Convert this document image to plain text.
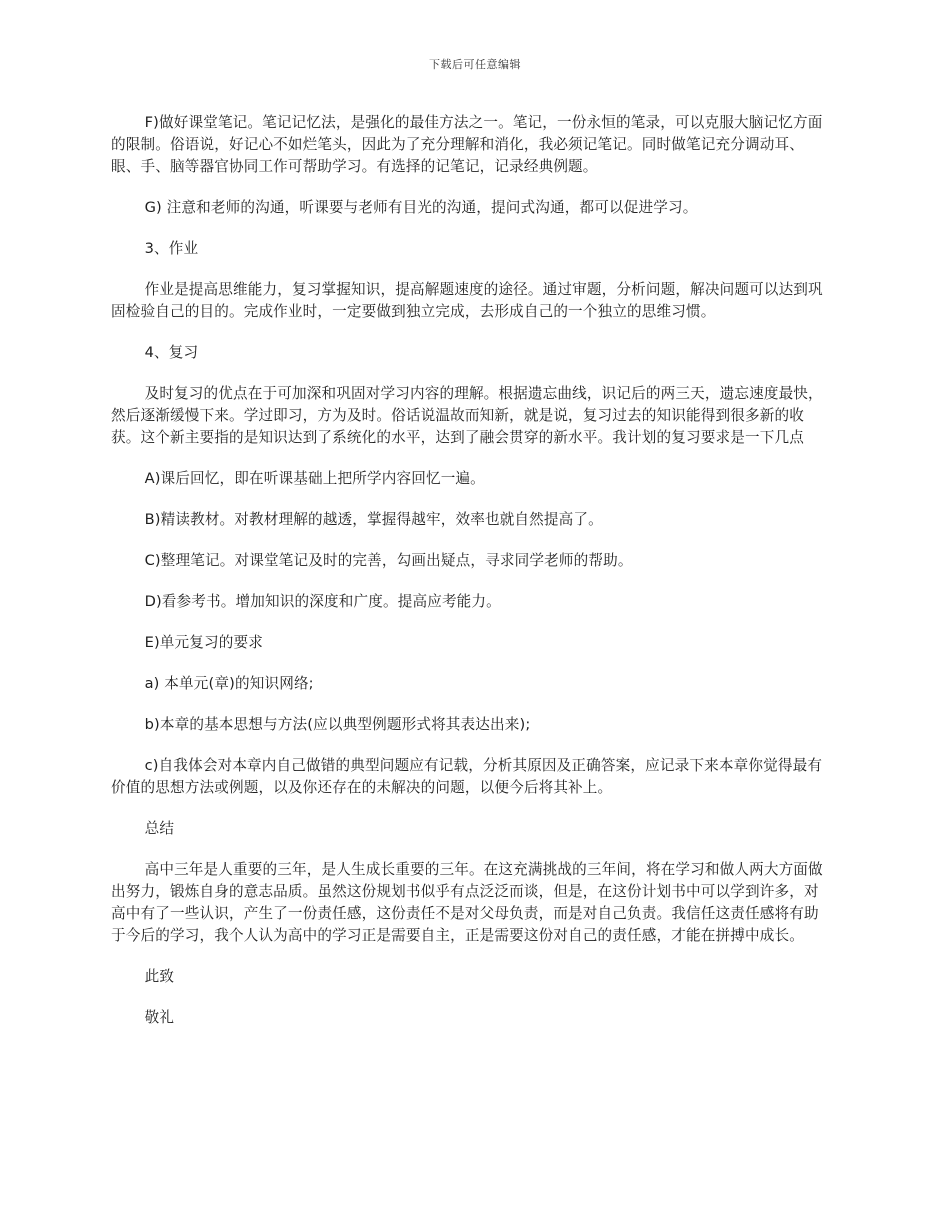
下载后可任意编辑

F)做好课堂笔记。笔记记忆法，是强化的最佳方法之一。笔记，一份永恒的笔录，可以克服大脑记忆方面的限制。俗语说，好记心不如烂笔头，因此为了充分理解和消化，我必须记笔记。同时做笔记充分调动耳、眼、手、脑等器官协同工作可帮助学习。有选择的记笔记，记录经典例题。

G) 注意和老师的沟通，听课要与老师有目光的沟通，提问式沟通，都可以促进学习。

3、作业

作业是提高思维能力，复习掌握知识，提高解题速度的途径。通过审题，分析问题，解决问题可以达到巩固检验自己的目的。完成作业时，一定要做到独立完成，去形成自己的一个独立的思维习惯。

4、复习

及时复习的优点在于可加深和巩固对学习内容的理解。根据遗忘曲线，识记后的两三天，遗忘速度最快，然后逐渐缓慢下来。学过即习，方为及时。俗话说温故而知新，就是说，复习过去的知识能得到很多新的收获。这个新主要指的是知识达到了系统化的水平，达到了融会贯穿的新水平。我计划的复习要求是一下几点

A)课后回忆，即在听课基础上把所学内容回忆一遍。

B)精读教材。对教材理解的越透，掌握得越牢，效率也就自然提高了。

C)整理笔记。对课堂笔记及时的完善，勾画出疑点，寻求同学老师的帮助。

D)看参考书。增加知识的深度和广度。提高应考能力。

E)单元复习的要求

a) 本单元(章)的知识网络;

b)本章的基本思想与方法(应以典型例题形式将其表达出来);

c)自我体会对本章内自己做错的典型问题应有记载，分析其原因及正确答案，应记录下来本章你觉得最有价值的思想方法或例题，以及你还存在的未解决的问题，以便今后将其补上。

总结

高中三年是人重要的三年，是人生成长重要的三年。在这充满挑战的三年间，将在学习和做人两大方面做出努力，锻炼自身的意志品质。虽然这份规划书似乎有点泛泛而谈，但是，在这份计划书中可以学到许多，对高中有了一些认识，产生了一份责任感，这份责任不是对父母负责，而是对自己负责。我信任这责任感将有助于今后的学习，我个人认为高中的学习正是需要自主，正是需要这份对自己的责任感，才能在拼搏中成长。

此致

敬礼
